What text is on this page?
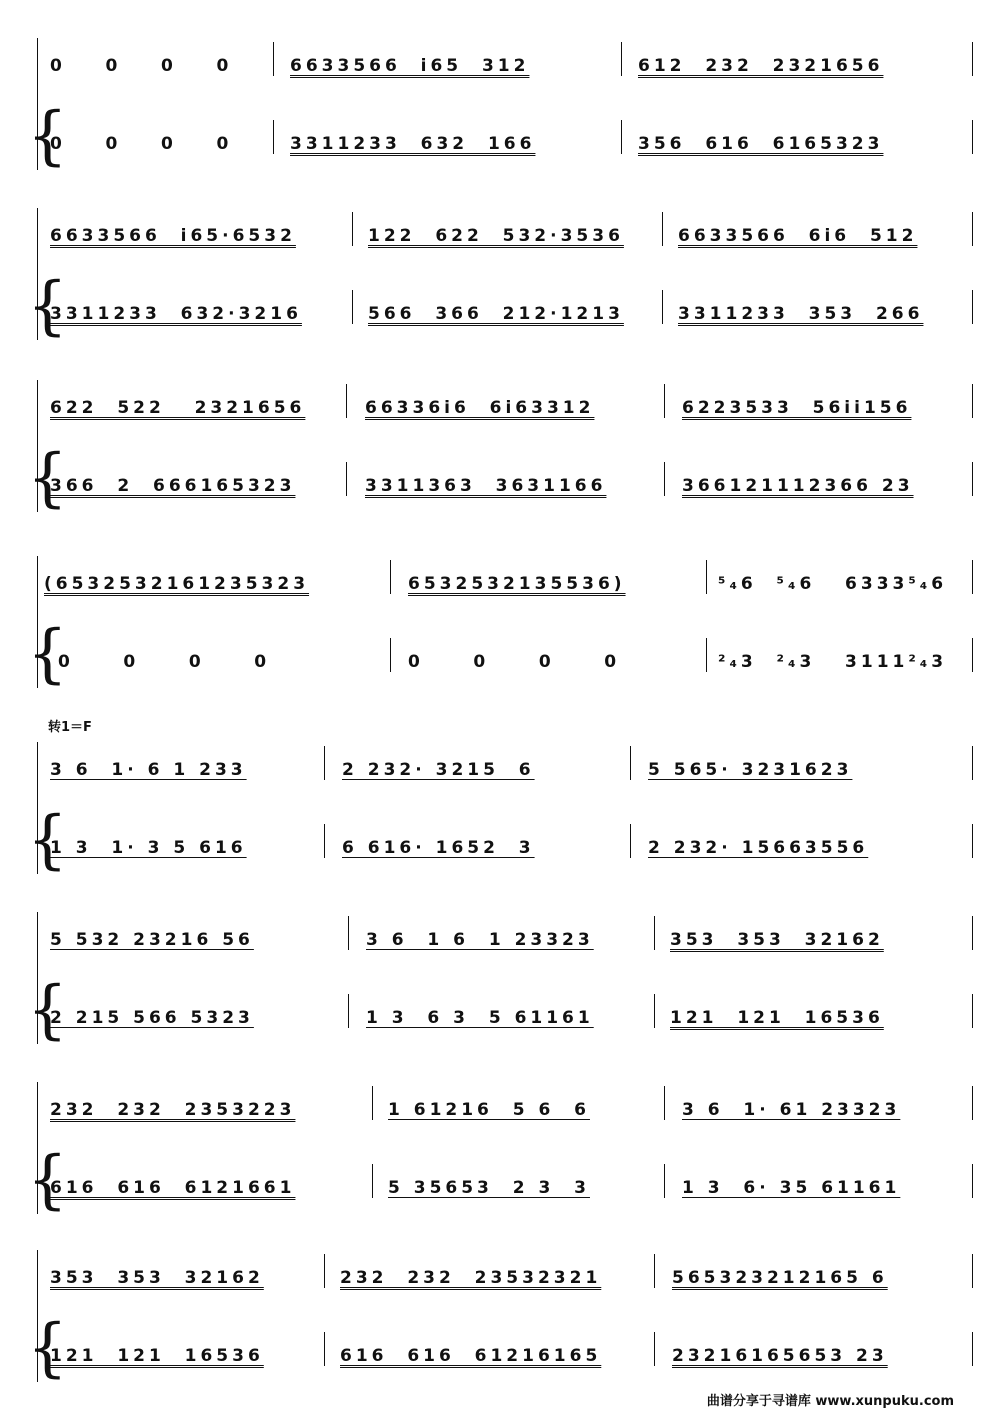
{
0    0    0    0	6633566  i65  312	612  232  2321656
0    0    0    0	3311233  632  166	356  616  6165323
{
6633566  i65·6532	122  622  532·3536	6633566  6i6  512
3311233  632·3216	566  366  212·1213	3311233  353  266
{
622  522   2321656	66336i6  6i63312	6223533  56ii156
366  2  666165323	3311363  3631166	366121112366 23
{
(6532532161235323	6532532135536)	⁵₄6  ⁵₄6   6333⁵₄6
0     0     0     0	0     0     0     0	²₄3  ²₄3   3111²₄3
转1＝F
{
3 6  1· 6 1 233	2 232· 3215  6	5 565· 3231623
1 3  1· 3 5 616	6 616· 1652  3	2 232· 15663556
{
5 532 23216 56	3 6  1 6  1 23323	353  353  32162
2 215 566 5323	1 3  6 3  5 61161	121  121  16536
{
232  232  2353223	1 61216  5 6  6	3 6  1· 61 23323
616  616  6121661	5 35653  2 3  3	1 3  6· 35 61161
{
353  353  32162	232  232  23532321	565323212165 6
121  121  16536	616  616  61216165	23216165653 23
曲谱分享于寻谱库 www.xunpuku.com
